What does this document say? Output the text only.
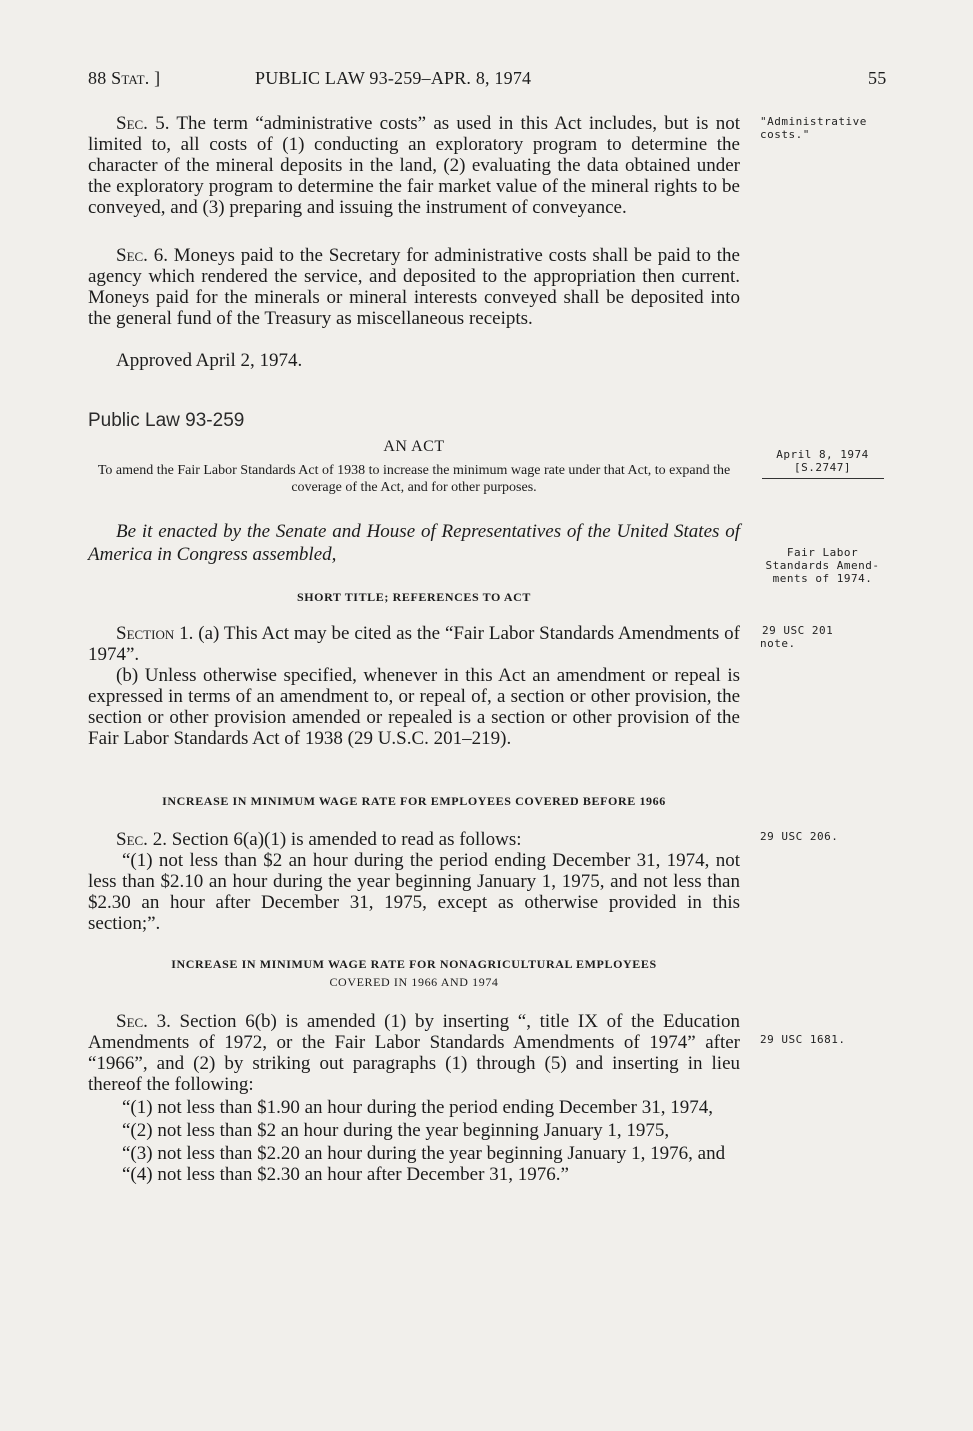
88 Stat. ]	PUBLIC LAW 93-259–APR. 8, 1974	55

Sec. 5. The term “administrative costs” as used in this Act includes, but is not limited to, all costs of (1) conducting an exploratory program to determine the character of the mineral deposits in the land, (2) evaluating the data obtained under the exploratory program to determine the fair market value of the mineral rights to be conveyed, and (3) preparing and issuing the instrument of conveyance.

Sec. 6. Moneys paid to the Secretary for administrative costs shall be paid to the agency which rendered the service, and deposited to the appropriation then current. Moneys paid for the minerals or mineral interests conveyed shall be deposited into the general fund of the Treasury as miscellaneous receipts.

Approved April 2, 1974.

Public Law 93-259
AN ACT
To amend the Fair Labor Standards Act of 1938 to increase the minimum wage rate under that Act, to expand the coverage of the Act, and for other purposes.
Be it enacted by the Senate and House of Representatives of the United States of America in Congress assembled,
SHORT TITLE; REFERENCES TO ACT

Section 1. (a) This Act may be cited as the “Fair Labor Standards Amendments of 1974”.

(b) Unless otherwise specified, whenever in this Act an amendment or repeal is expressed in terms of an amendment to, or repeal of, a section or other provision, the section or other provision amended or repealed is a section or other provision of the Fair Labor Standards Act of 1938 (29 U.S.C. 201–219).

INCREASE IN MINIMUM WAGE RATE FOR EMPLOYEES COVERED BEFORE 1966

Sec. 2. Section 6(a)(1) is amended to read as follows:

“(1) not less than $2 an hour during the period ending December 31, 1974, not less than $2.10 an hour during the year beginning January 1, 1975, and not less than $2.30 an hour after December 31, 1975, except as otherwise provided in this section;”.

INCREASE IN MINIMUM WAGE RATE FOR NONAGRICULTURAL EMPLOYEES
COVERED IN 1966 AND 1974

Sec. 3. Section 6(b) is amended (1) by inserting “, title IX of the Education Amendments of 1972, or the Fair Labor Standards Amendments of 1974” after “1966”, and (2) by striking out paragraphs (1) through (5) and inserting in lieu thereof the following:

“(1) not less than $1.90 an hour during the period ending December 31, 1974,

“(2) not less than $2 an hour during the year beginning January 1, 1975,

“(3) not less than $2.20 an hour during the year beginning January 1, 1976, and

“(4) not less than $2.30 an hour after December 31, 1976.”

"Administrative
costs."
April 8, 1974
[S.2747]
Fair Labor
Standards Amend-
ments of 1974.
29 USC 201
note.
29 USC 206.
29 USC 1681.
